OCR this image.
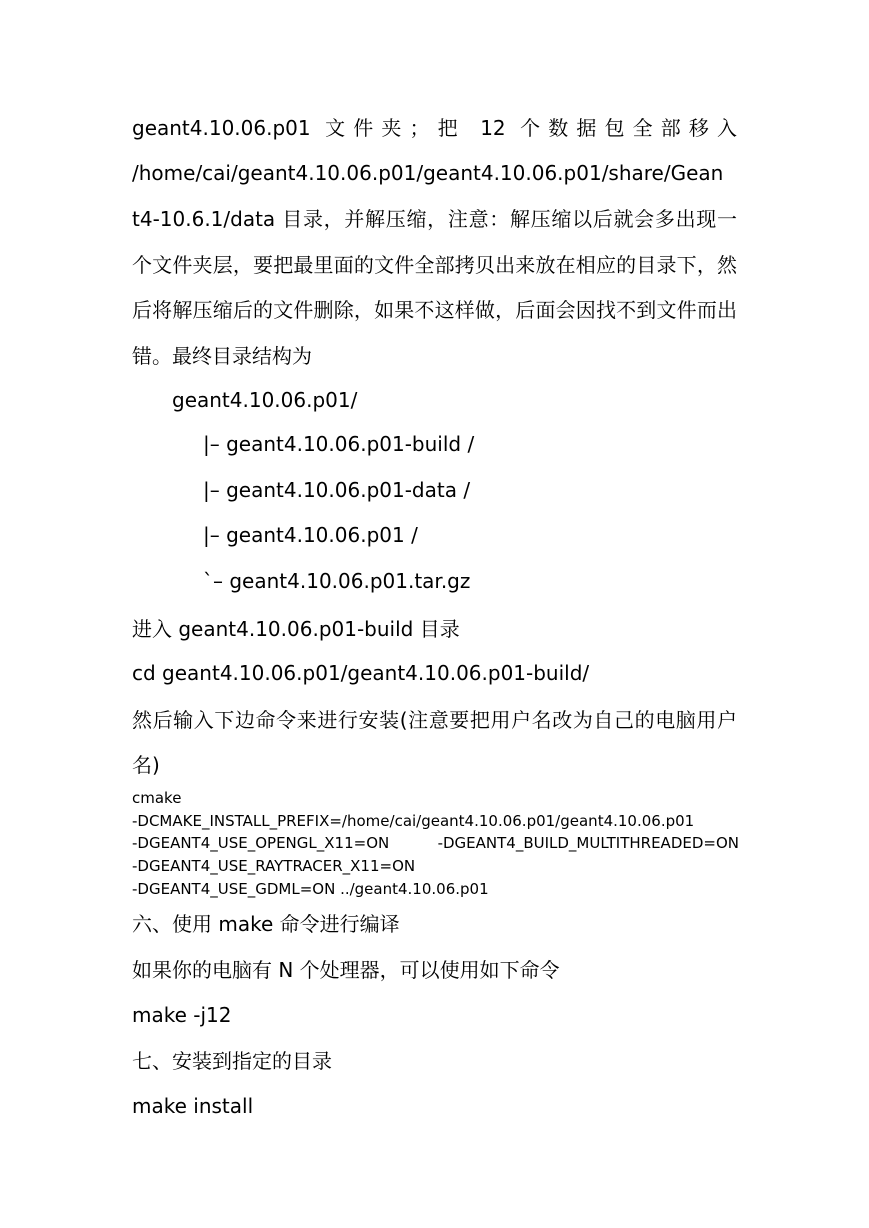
geant4.10.06.p01 文件夹；把 12 个数据包全部移入
/home/cai/geant4.10.06.p01/geant4.10.06.p01/share/Gean
t4-10.6.1/data 目录，并解压缩，注意：解压缩以后就会多出现一
个文件夹层，要把最里面的文件全部拷贝出来放在相应的目录下，然
后将解压缩后的文件删除，如果不这样做，后面会因找不到文件而出
错。最终目录结构为
geant4.10.06.p01/
|– geant4.10.06.p01-build /
|– geant4.10.06.p01-data /
|– geant4.10.06.p01 /
`– geant4.10.06.p01.tar.gz
进入 geant4.10.06.p01-build 目录
cd geant4.10.06.p01/geant4.10.06.p01-build/
然后输入下边命令来进行安装(注意要把用户名改为自己的电脑用户
名)
cmake
-DCMAKE_INSTALL_PREFIX=/home/cai/geant4.10.06.p01/geant4.10.06.p01
-DGEANT4_USE_OPENGL_X11=ON	-DGEANT4_BUILD_MULTITHREADED=ON
-DGEANT4_USE_RAYTRACER_X11=ON
-DGEANT4_USE_GDML=ON ../geant4.10.06.p01
六、使用 make 命令进行编译
如果你的电脑有 N 个处理器，可以使用如下命令
make -j12
七、安装到指定的目录
make install
